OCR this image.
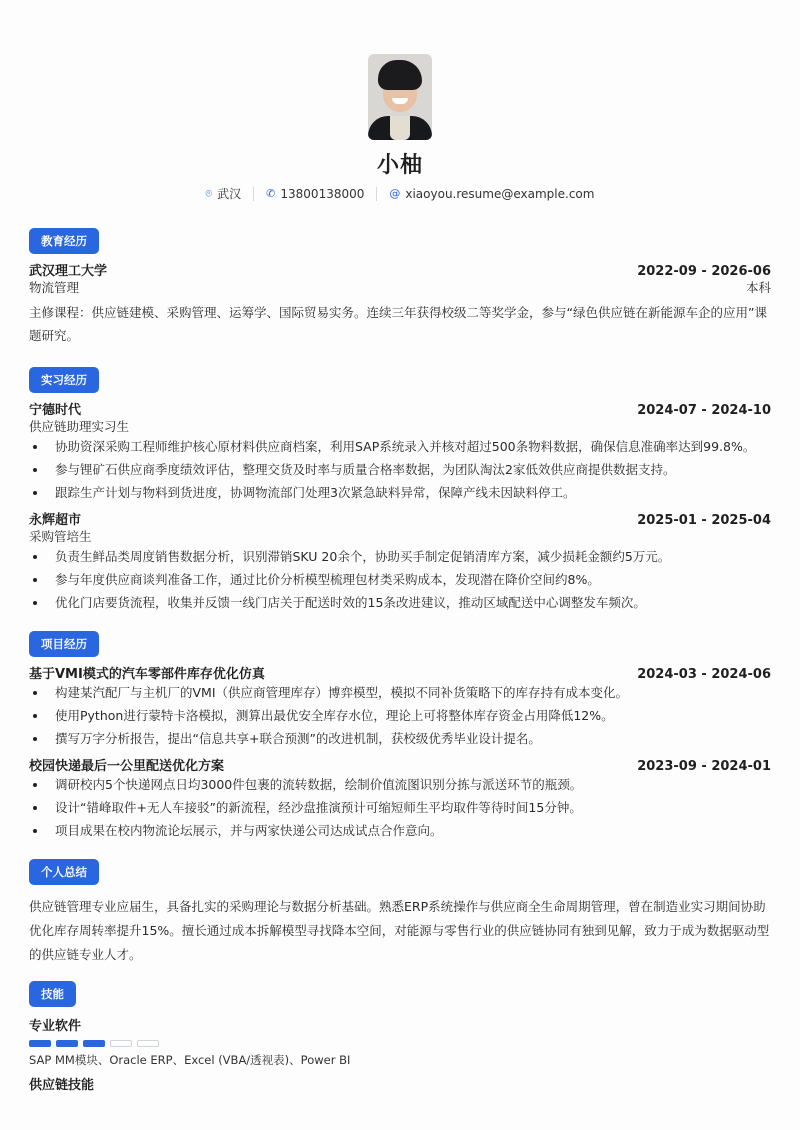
小柚
⌾ 武汉 ✆ 13800138000 @ xiaoyou.resume@example.com
教育经历
武汉理工大学	2022-09 - 2026-06
物流管理	本科
主修课程：供应链建模、采购管理、运筹学、国际贸易实务。连续三年获得校级二等奖学金，参与“绿色供应链在新能源车企的应用”课题研究。
实习经历
宁德时代	2024-07 - 2024-10
供应链助理实习生
协助资深采购工程师维护核心原材料供应商档案，利用SAP系统录入并核对超过500条物料数据，确保信息准确率达到99.8%。
参与锂矿石供应商季度绩效评估，整理交货及时率与质量合格率数据，为团队淘汰2家低效供应商提供数据支持。
跟踪生产计划与物料到货进度，协调物流部门处理3次紧急缺料异常，保障产线未因缺料停工。
永辉超市	2025-01 - 2025-04
采购管培生
负责生鲜品类周度销售数据分析，识别滞销SKU 20余个，协助买手制定促销清库方案，减少损耗金额约5万元。
参与年度供应商谈判准备工作，通过比价分析模型梳理包材类采购成本，发现潜在降价空间约8%。
优化门店要货流程，收集并反馈一线门店关于配送时效的15条改进建议，推动区域配送中心调整发车频次。
项目经历
基于VMI模式的汽车零部件库存优化仿真	2024-03 - 2024-06
构建某汽配厂与主机厂的VMI（供应商管理库存）博弈模型，模拟不同补货策略下的库存持有成本变化。
使用Python进行蒙特卡洛模拟，测算出最优安全库存水位，理论上可将整体库存资金占用降低12%。
撰写万字分析报告，提出“信息共享+联合预测”的改进机制，获校级优秀毕业设计提名。
校园快递最后一公里配送优化方案	2023-09 - 2024-01
调研校内5个快递网点日均3000件包裹的流转数据，绘制价值流图识别分拣与派送环节的瓶颈。
设计“错峰取件+无人车接驳”的新流程，经沙盘推演预计可缩短师生平均取件等待时间15分钟。
项目成果在校内物流论坛展示，并与两家快递公司达成试点合作意向。
个人总结
供应链管理专业应届生，具备扎实的采购理论与数据分析基础。熟悉ERP系统操作与供应商全生命周期管理，曾在制造业实习期间协助优化库存周转率提升15%。擅长通过成本拆解模型寻找降本空间，对能源与零售行业的供应链协同有独到见解，致力于成为数据驱动型的供应链专业人才。
技能
专业软件
SAP MM模块、Oracle ERP、Excel (VBA/透视表)、Power BI
供应链技能
